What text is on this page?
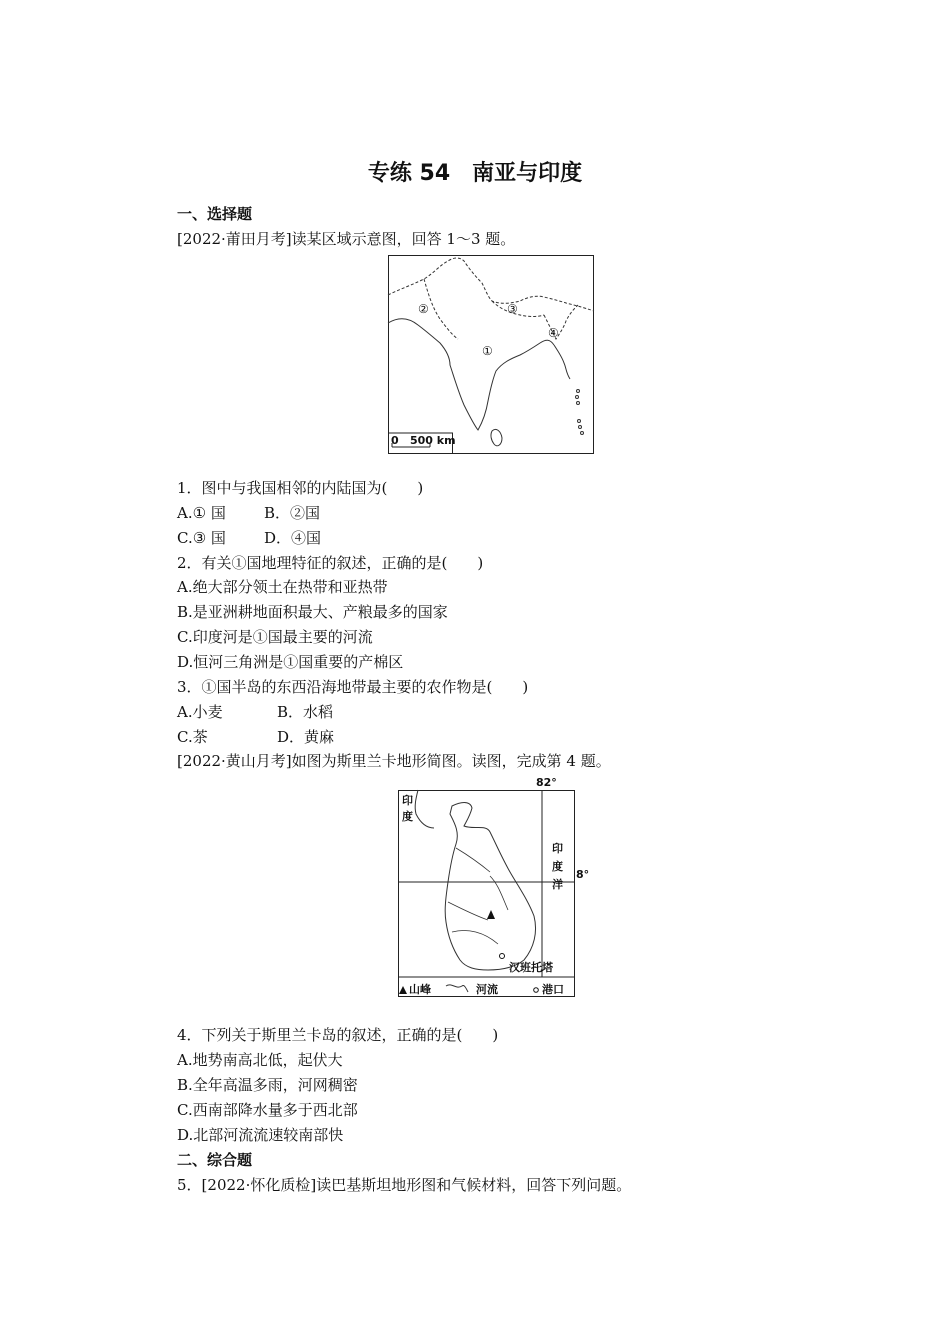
专练 54　南亚与印度
一、选择题
[2022·莆田月考]读某区域示意图，回答 1～3 题。
①
②	③
④
0 500 km
1．图中与我国相邻的内陆国为(　　)
A.① 国	B．②国
C.③ 国	D．④国
2．有关①国地理特征的叙述，正确的是(　　)
A.绝大部分领土在热带和亚热带
B.是亚洲耕地面积最大、产粮最多的国家
C.印度河是①国最主要的河流
D.恒河三角洲是①国重要的产棉区
3．①国半岛的东西沿海地带最主要的农作物是(　　)
A.小麦	B．水稻
C.茶	D．黄麻
[2022·黄山月考]如图为斯里兰卡地形简图。读图，完成第 4 题。
82°
印
度
印
度
洋
8°
汉班托塔
山峰	河流	港口
4．下列关于斯里兰卡岛的叙述，正确的是(　　)
A.地势南高北低，起伏大
B.全年高温多雨，河网稠密
C.西南部降水量多于西北部
D.北部河流流速较南部快
二、综合题
5．[2022·怀化质检]读巴基斯坦地形图和气候材料，回答下列问题。
